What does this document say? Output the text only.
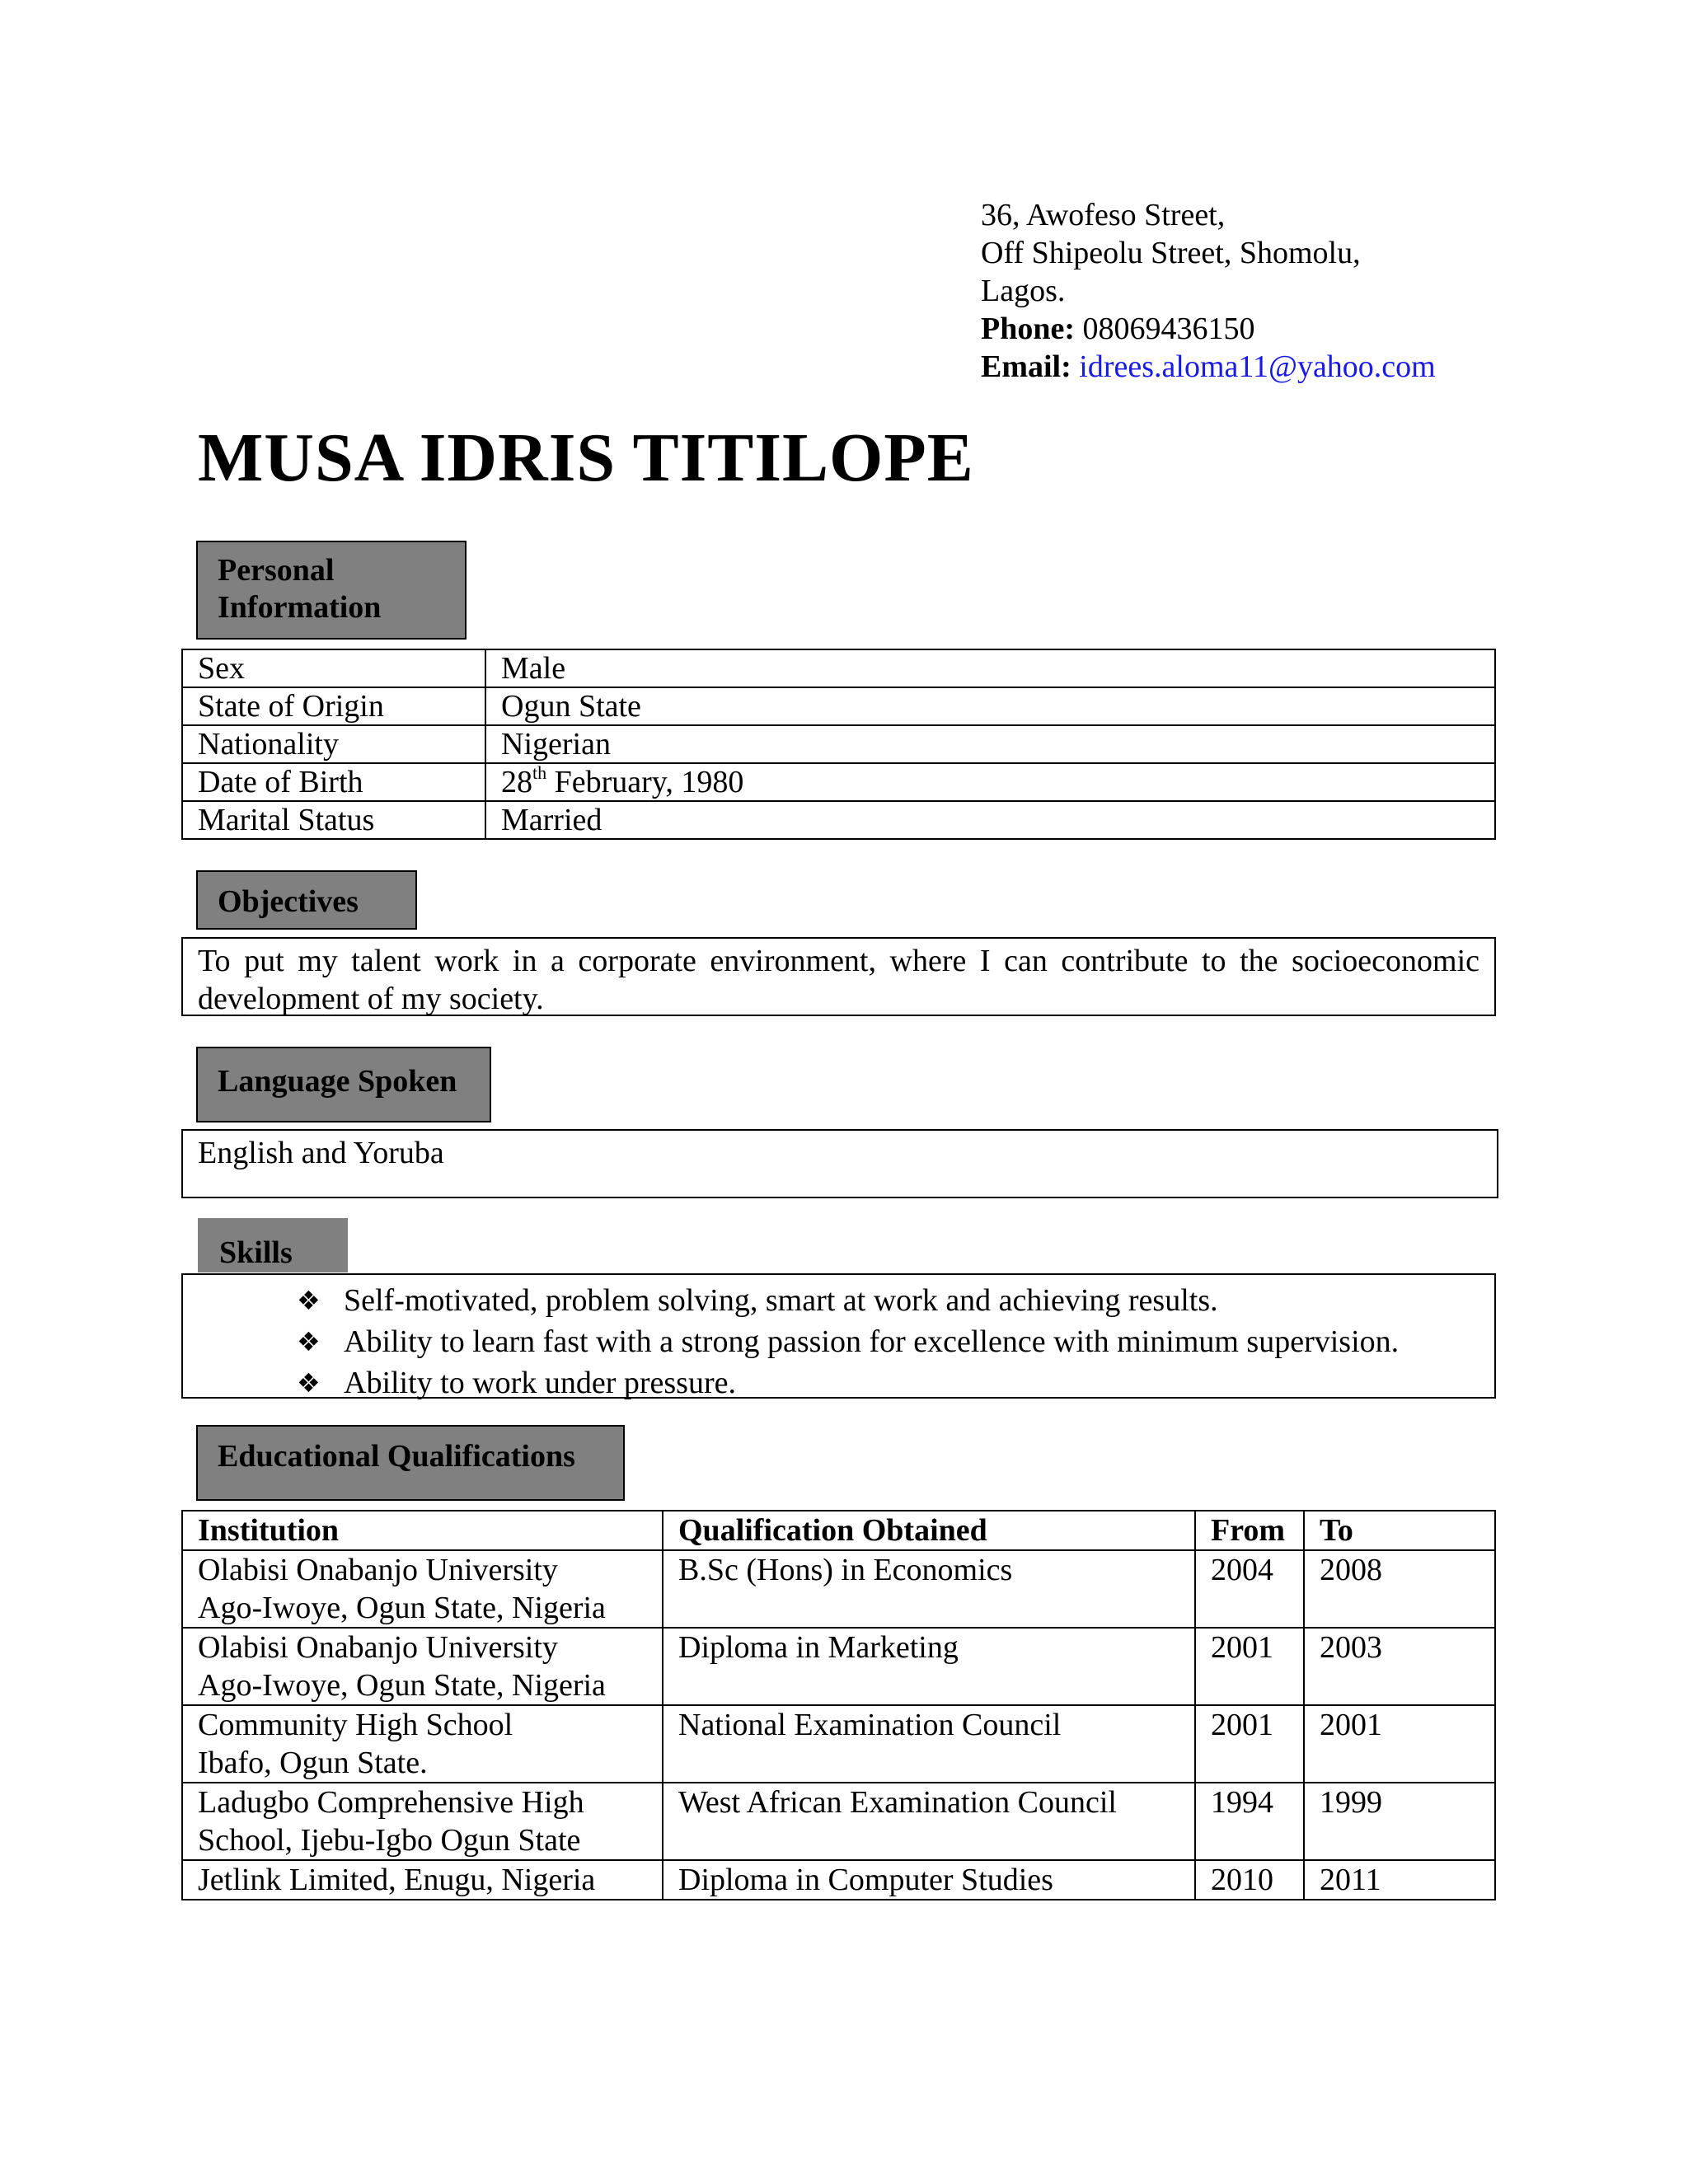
36, Awofeso Street,
Off Shipeolu Street, Shomolu,
Lagos.
Phone: 08069436150
Email: idrees.aloma11@yahoo.com
MUSA IDRIS TITILOPE
Personal
Information
Sex	Male
State of Origin	Ogun State
Nationality	Nigerian
Date of Birth	28th February, 1980
Marital Status	Married
Objectives
To put my talent work in a corporate environment, where I can contribute to the socioeconomic development of my society.
Language Spoken
English and Yoruba
Skills
❖ Self-motivated, problem solving, smart at work and achieving results.
❖ Ability to learn fast with a strong passion for excellence with minimum supervision.
❖ Ability to work under pressure.
Educational Qualifications
Institution	Qualification Obtained	From	To

Olabisi Onabanjo University
Ago-Iwoye, Ogun State, Nigeria	B.Sc (Hons) in Economics	2004	2008

Olabisi Onabanjo University
Ago-Iwoye, Ogun State, Nigeria	Diploma in Marketing	2001	2003

Community High School
Ibafo, Ogun State.	National Examination Council	2001	2001

Ladugbo Comprehensive High
School, Ijebu-Igbo Ogun State	West African Examination Council	1994	1999
Jetlink Limited, Enugu, Nigeria	Diploma in Computer Studies	2010	2011
